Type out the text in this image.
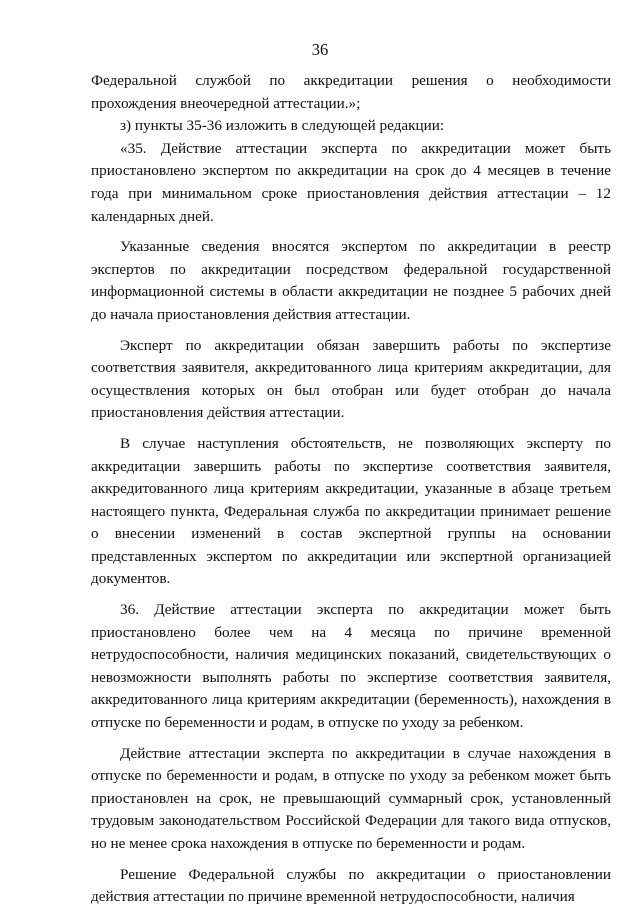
36

Федеральной службой по аккредитации решения о необходимости прохождения внеочередной аттестации.»;

з) пункты 35-36 изложить в следующей редакции:

«35. Действие аттестации эксперта по аккредитации может быть приостановлено экспертом по аккредитации на срок до 4 месяцев в течение года при минимальном сроке приостановления действия аттестации – 12 календарных дней.

Указанные сведения вносятся экспертом по аккредитации в реестр экспертов по аккредитации посредством федеральной государственной информационной системы в области аккредитации не позднее 5 рабочих дней до начала приостановления действия аттестации.

Эксперт по аккредитации обязан завершить работы по экспертизе соответствия заявителя, аккредитованного лица критериям аккредитации, для осуществления которых он был отобран или будет отобран до начала приостановления действия аттестации.

В случае наступления обстоятельств, не позволяющих эксперту по аккредитации завершить работы по экспертизе соответствия заявителя, аккредитованного лица критериям аккредитации, указанные в абзаце третьем настоящего пункта, Федеральная служба по аккредитации принимает решение о внесении изменений в состав экспертной группы на основании представленных экспертом по аккредитации или экспертной организацией документов.

36. Действие аттестации эксперта по аккредитации может быть приостановлено более чем на 4 месяца по причине временной нетрудоспособности, наличия медицинских показаний, свидетельствующих о невозможности выполнять работы по экспертизе соответствия заявителя, аккредитованного лица критериям аккредитации (беременность), нахождения в отпуске по беременности и родам, в отпуске по уходу за ребенком.

Действие аттестации эксперта по аккредитации в случае нахождения в отпуске по беременности и родам, в отпуске по уходу за ребенком может быть приостановлен на срок, не превышающий суммарный срок, установленный трудовым законодательством Российской Федерации для такого вида отпусков, но не менее срока нахождения в отпуске по беременности и родам.

Решение Федеральной службы по аккредитации о приостановлении действия аттестации по причине временной нетрудоспособности, наличия
